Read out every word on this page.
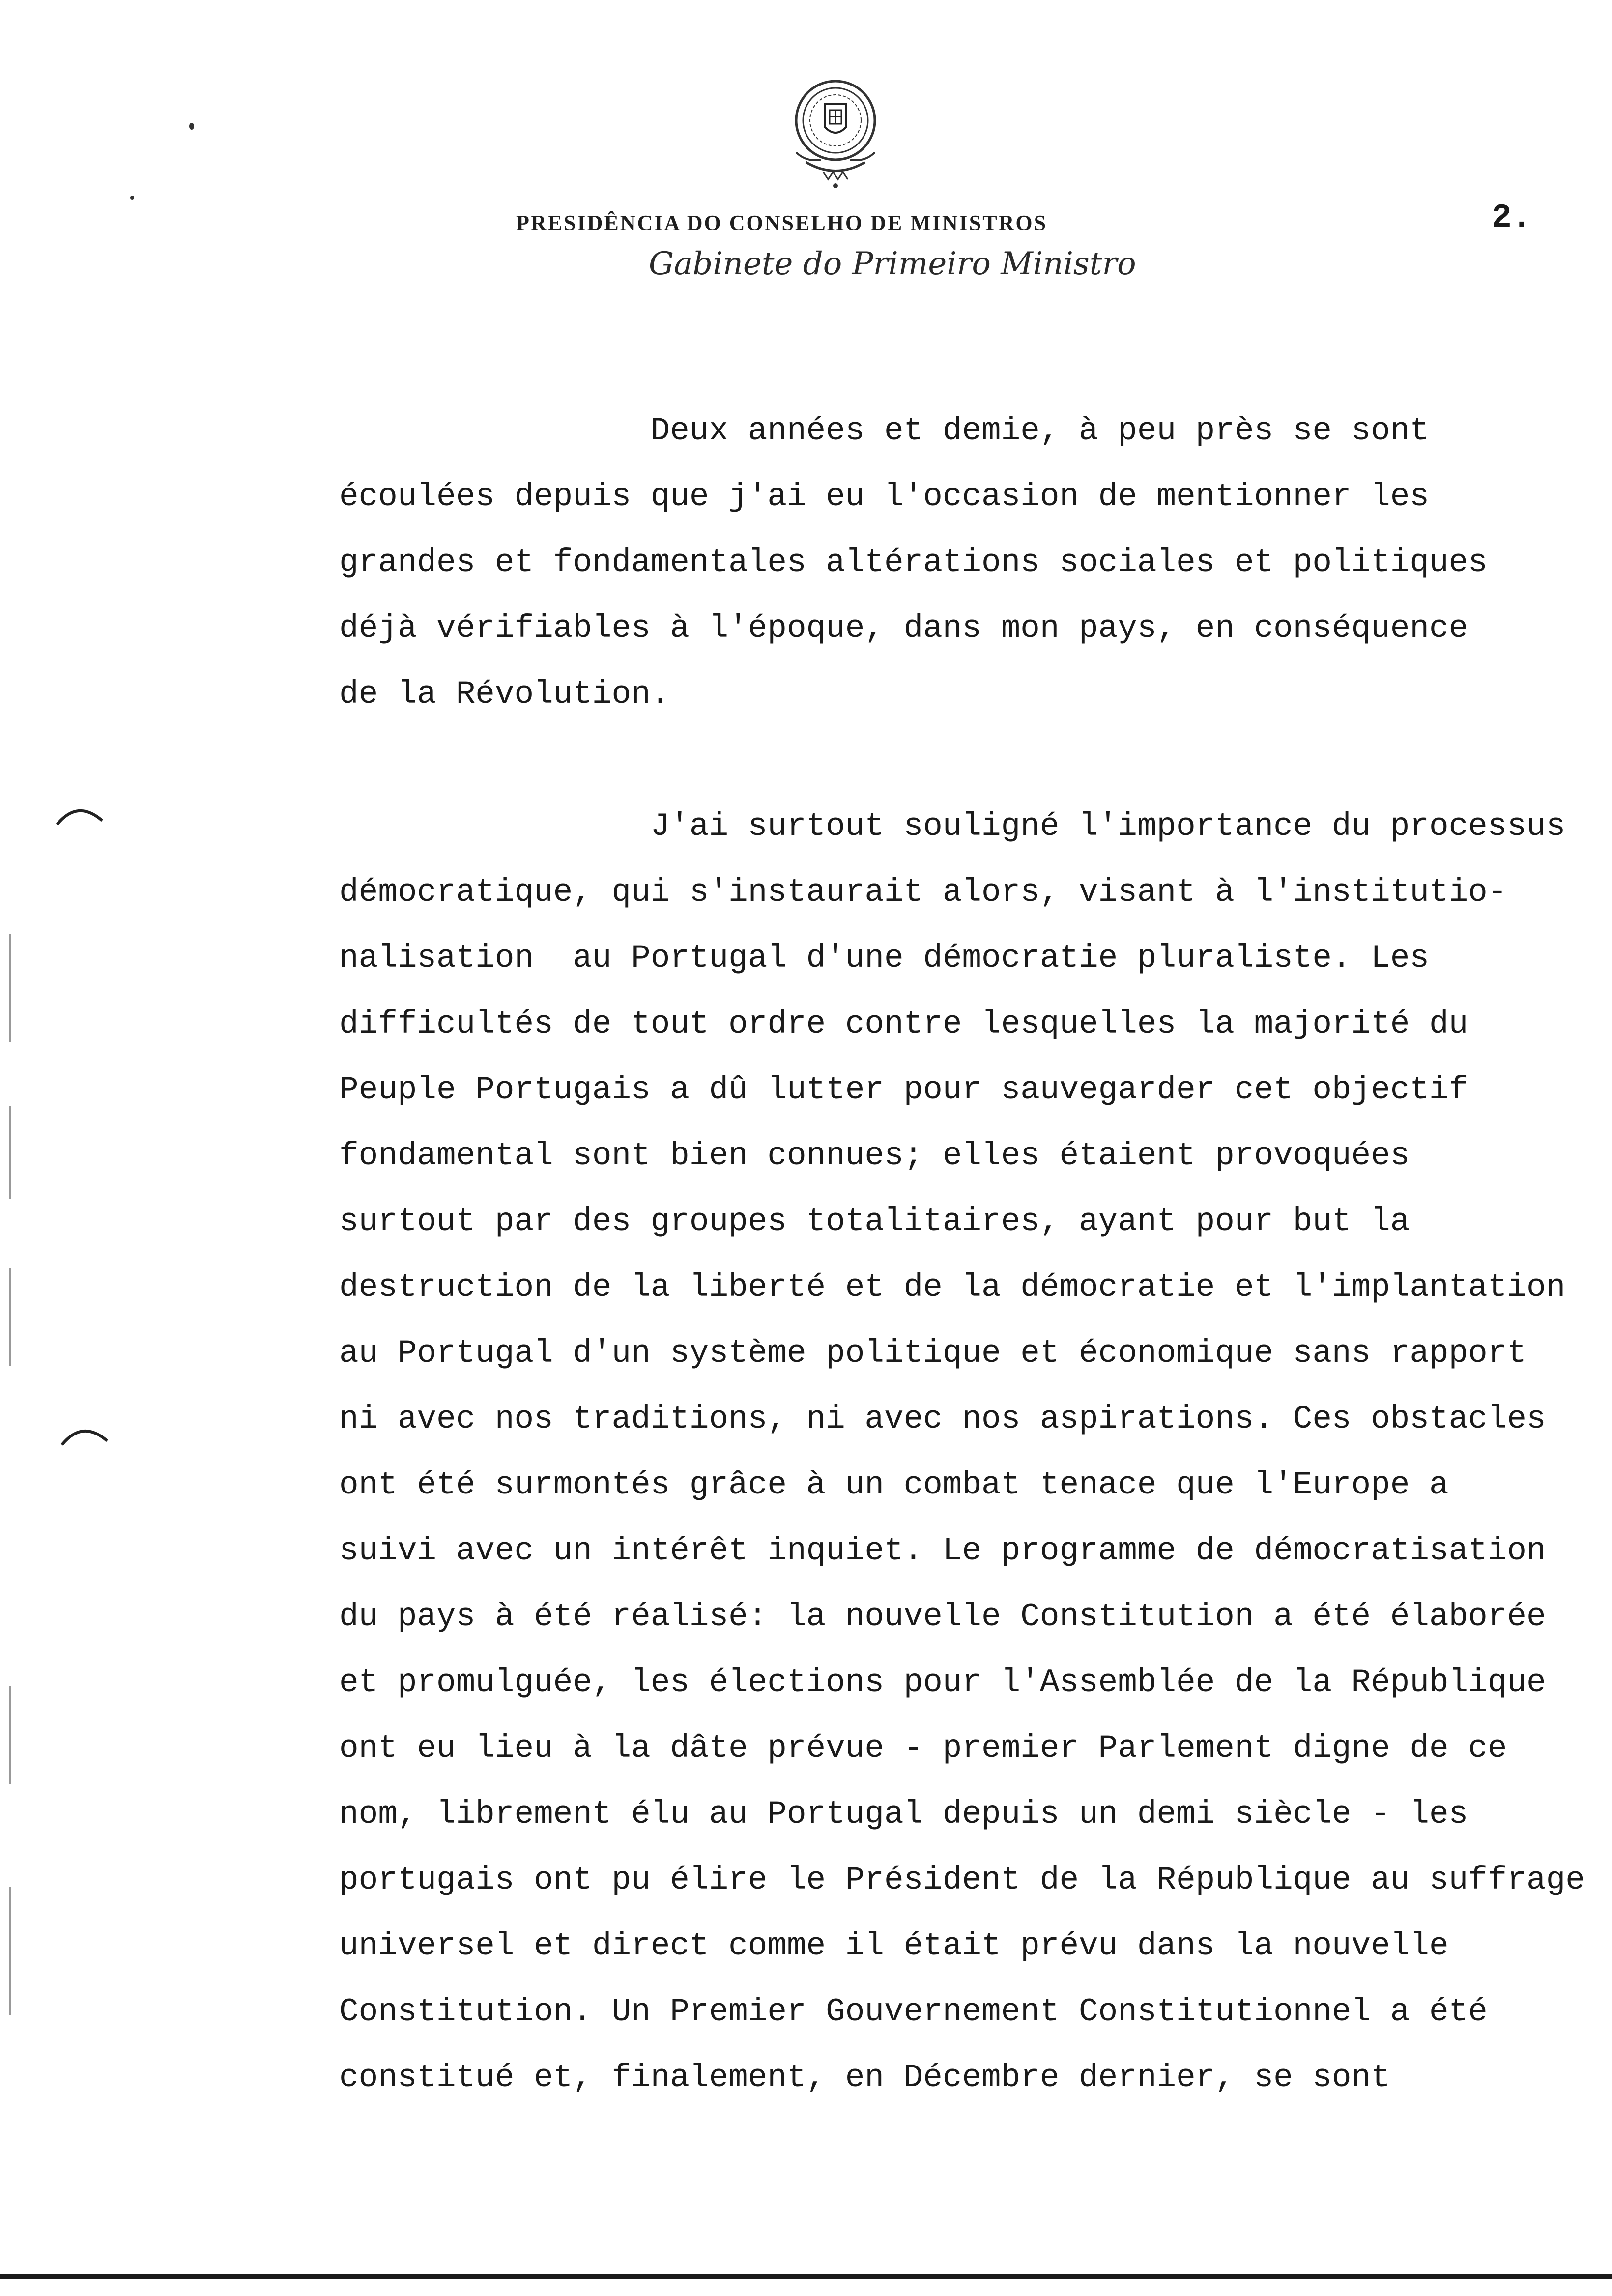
PRESIDÊNCIA DO CONSELHO DE MINISTROS
Gabinete do Primeiro Ministro
2.
Deux années et demie, à peu près se sont
écoulées depuis que j'ai eu l'occasion de mentionner les
grandes et fondamentales altérations sociales et politiques
déjà vérifiables à l'époque, dans mon pays, en conséquence
de la Révolution.
J'ai surtout souligné l'importance du processus
démocratique, qui s'instaurait alors, visant à l'institutio-
nalisation  au Portugal d'une démocratie pluraliste. Les
difficultés de tout ordre contre lesquelles la majorité du
Peuple Portugais a dû lutter pour sauvegarder cet objectif
fondamental sont bien connues; elles étaient provoquées
surtout par des groupes totalitaires, ayant pour but la
destruction de la liberté et de la démocratie et l'implantation
au Portugal d'un système politique et économique sans rapport
ni avec nos traditions, ni avec nos aspirations. Ces obstacles
ont été surmontés grâce à un combat tenace que l'Europe a
suivi avec un intérêt inquiet. Le programme de démocratisation
du pays à été réalisé: la nouvelle Constitution a été élaborée
et promulguée, les élections pour l'Assemblée de la République
ont eu lieu à la dâte prévue - premier Parlement digne de ce
nom, librement élu au Portugal depuis un demi siècle - les
portugais ont pu élire le Président de la République au suffrage
universel et direct comme il était prévu dans la nouvelle
Constitution. Un Premier Gouvernement Constitutionnel a été
constitué et, finalement, en Décembre dernier, se sont
